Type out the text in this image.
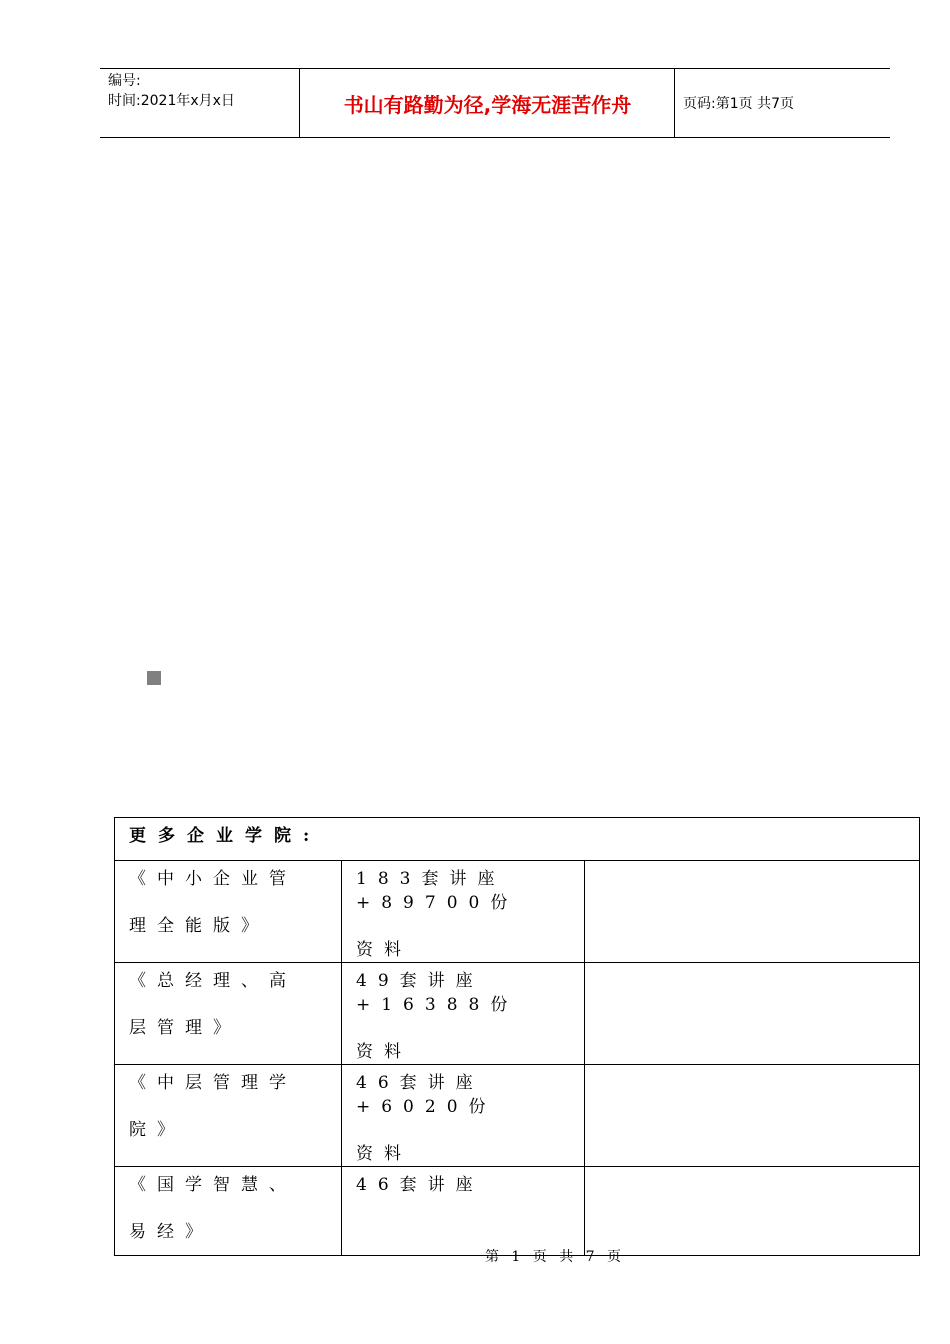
编号:
时间:2021年x月x日	书山有路勤为径,学海无涯苦作舟	页码:第1页 共7页
更多企业学院:		

《中小企业管
理全能版》	183套讲座+89700份
资料	

《总经理、高
层管理》	49套讲座+16388份
资料	

《中层管理学
院》	46套讲座+6020份
资料	

《国学智慧、
易经》	46套讲座	

第 1 页 共 7 页
